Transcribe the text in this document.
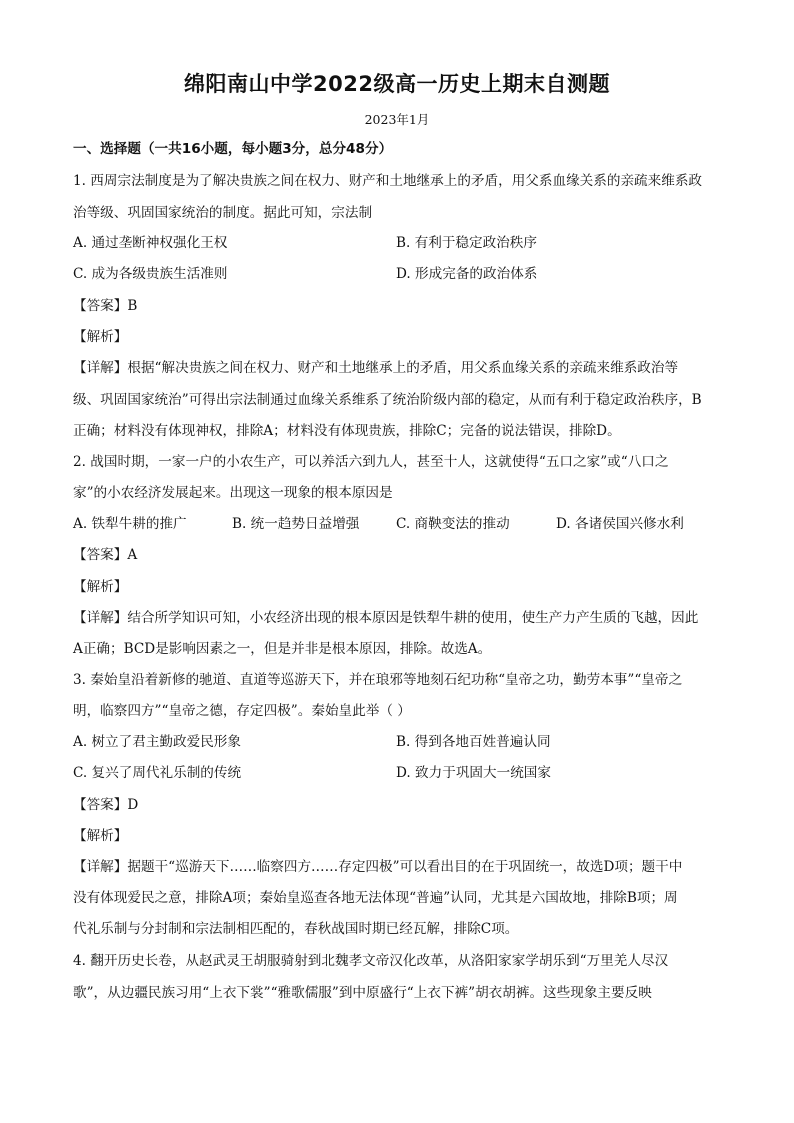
绵阳南山中学2022级高一历史上期末自测题
2023年1月
一、选择题（一共16小题，每小题3分，总分48分）
1. 西周宗法制度是为了解决贵族之间在权力、财产和土地继承上的矛盾，用父系血缘关系的亲疏来维系政
治等级、巩固国家统治的制度。据此可知，宗法制
A. 通过垄断神权强化王权	B. 有利于稳定政治秩序
C. 成为各级贵族生活准则	D. 形成完备的政治体系
【答案】B
【解析】
【详解】根据“解决贵族之间在权力、财产和土地继承上的矛盾，用父系血缘关系的亲疏来维系政治等
级、巩固国家统治”可得出宗法制通过血缘关系维系了统治阶级内部的稳定，从而有利于稳定政治秩序，B
正确；材料没有体现神权，排除A；材料没有体现贵族，排除C；完备的说法错误，排除D。
2. 战国时期，一家一户的小农生产，可以养活六到九人，甚至十人，这就使得“五口之家”或“八口之
家”的小农经济发展起来。出现这一现象的根本原因是
A. 铁犁牛耕的推广	B. 统一趋势日益增强	C. 商鞅变法的推动	D. 各诸侯国兴修水利
【答案】A
【解析】
【详解】结合所学知识可知，小农经济出现的根本原因是铁犁牛耕的使用，使生产力产生质的飞越，因此
A正确；BCD是影响因素之一，但是并非是根本原因，排除。故选A。
3. 秦始皇沿着新修的驰道、直道等巡游天下，并在琅邪等地刻石纪功称“皇帝之功，勤劳本事”“皇帝之
明，临察四方”“皇帝之德，存定四极”。秦始皇此举（ ）
A. 树立了君主勤政爱民形象	B. 得到各地百姓普遍认同
C. 复兴了周代礼乐制的传统	D. 致力于巩固大一统国家
【答案】D
【解析】
【详解】据题干“巡游天下……临察四方……存定四极”可以看出目的在于巩固统一，故选D项；题干中
没有体现爱民之意，排除A项；秦始皇巡查各地无法体现“普遍”认同，尤其是六国故地，排除B项；周
代礼乐制与分封制和宗法制相匹配的，春秋战国时期已经瓦解，排除C项。
4. 翻开历史长卷，从赵武灵王胡服骑射到北魏孝文帝汉化改革，从洛阳家家学胡乐到“万里羌人尽汉
歌”，从边疆民族习用“上衣下裳”“雅歌儒服”到中原盛行“上衣下裤”胡衣胡裤。这些现象主要反映
